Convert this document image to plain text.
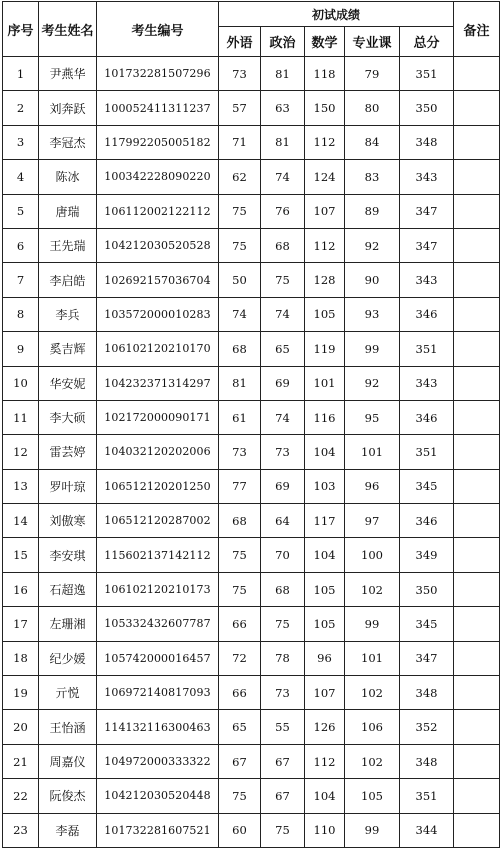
序号	考生姓名	考生编号	初试成绩					备注
			外语	政治	数学	专业课	总分	
1	尹燕华	101732281507296	73	81	118	79	351	
2	刘奔跃	100052411311237	57	63	150	80	350	
3	李冠杰	117992205005182	71	81	112	84	348	
4	陈冰	100342228090220	62	74	124	83	343	
5	唐瑞	106112002122112	75	76	107	89	347	
6	王先瑞	104212030520528	75	68	112	92	347	
7	李启皓	102692157036704	50	75	128	90	343	
8	李兵	103572000010283	74	74	105	93	346	
9	奚吉辉	106102120210170	68	65	119	99	351	
10	华安妮	104232371314297	81	69	101	92	343	
11	李大硕	102172000090171	61	74	116	95	346	
12	雷芸婷	104032120202006	73	73	104	101	351	
13	罗叶琼	106512120201250	77	69	103	96	345	
14	刘傲寒	106512120287002	68	64	117	97	346	
15	李安琪	115602137142112	75	70	104	100	349	
16	石超逸	106102120210173	75	68	105	102	350	
17	左珊湘	105332432607787	66	75	105	99	345	
18	纪少媛	105742000016457	72	78	96	101	347	
19	亓悦	106972140817093	66	73	107	102	348	
20	王怡涵	114132116300463	65	55	126	106	352	
21	周嘉仪	104972000333322	67	67	112	102	348	
22	阮俊杰	104212030520448	75	67	104	105	351	
23	李磊	101732281607521	60	75	110	99	344	
